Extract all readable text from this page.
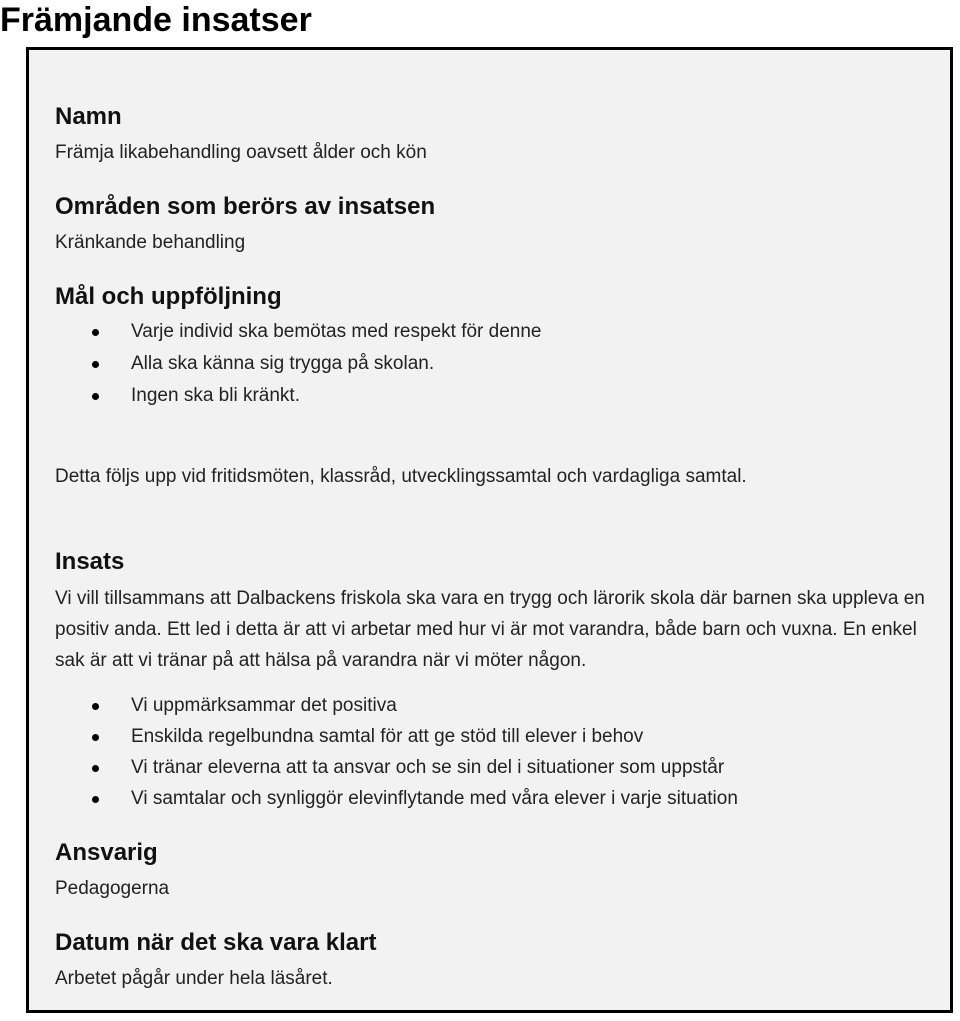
Främjande insatser
Namn

Främja likabehandling oavsett ålder och kön

Områden som berörs av insatsen

Kränkande behandling

Mål och uppföljning
Varje individ ska bemötas med respekt för denne
Alla ska känna sig trygga på skolan.
Ingen ska bli kränkt.

Detta följs upp vid fritidsmöten, klassråd, utvecklingssamtal och vardagliga samtal.

Insats

Vi vill tillsammans att Dalbackens friskola ska vara en trygg och lärorik skola där barnen ska uppleva en positiv anda. Ett led i detta är att vi arbetar med hur vi är mot varandra, både barn och vuxna. En enkel sak är att vi tränar på att hälsa på varandra när vi möter någon.

Vi uppmärksammar det positiva
Enskilda regelbundna samtal för att ge stöd till elever i behov
Vi tränar eleverna att ta ansvar och se sin del i situationer som uppstår
Vi samtalar och synliggör elevinflytande med våra elever i varje situation
Ansvarig

Pedagogerna

Datum när det ska vara klart

Arbetet pågår under hela läsåret.
